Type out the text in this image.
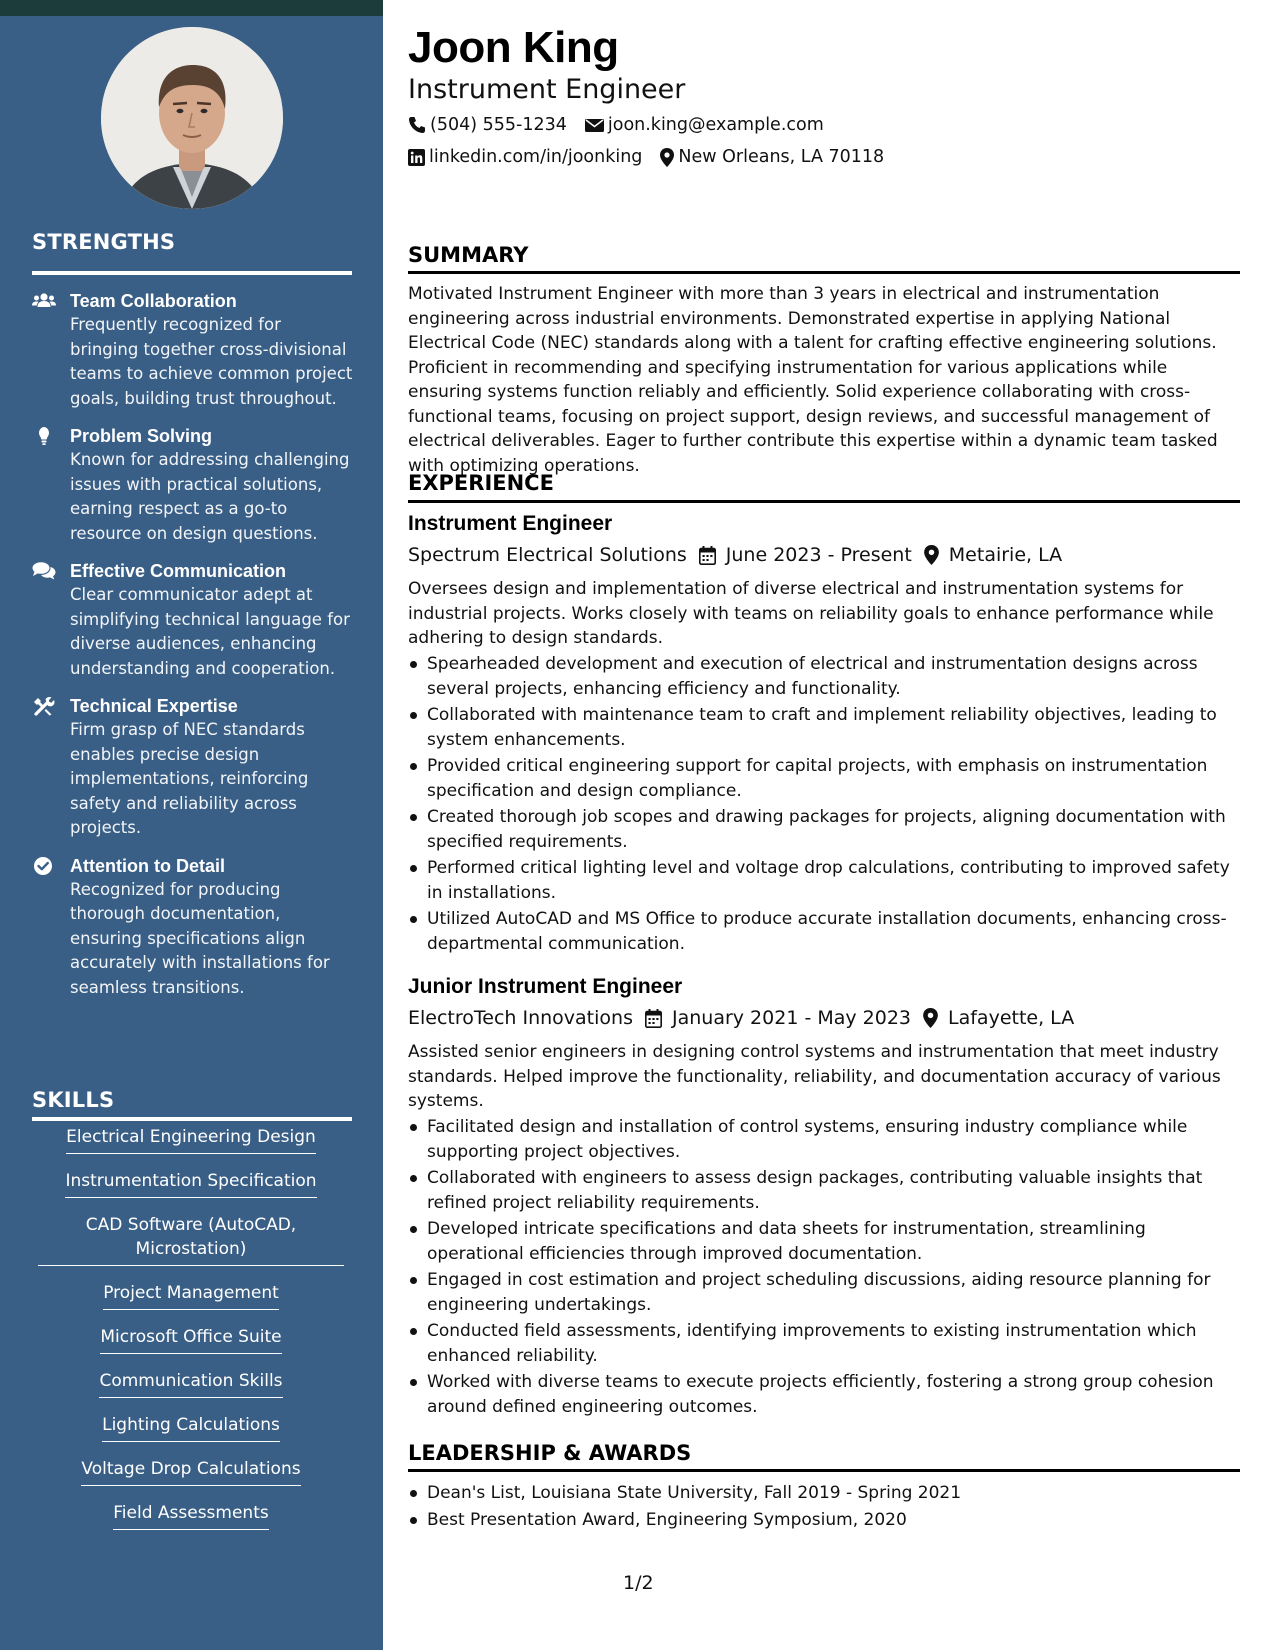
STRENGTHS
Team Collaboration
Frequently recognized for bringing together cross-divisional teams to achieve common project goals, building trust throughout.
Problem Solving
Known for addressing challenging issues with practical solutions, earning respect as a go-to resource on design questions.
Effective Communication
Clear communicator adept at simplifying technical language for diverse audiences, enhancing understanding and cooperation.
Technical Expertise
Firm grasp of NEC standards enables precise design implementations, reinforcing safety and reliability across projects.
Attention to Detail
Recognized for producing thorough documentation, ensuring specifications align accurately with installations for seamless transitions.
SKILLS
Electrical Engineering Design
Instrumentation Specification
CAD Software (AutoCAD, Microstation)
Project Management
Microsoft Office Suite
Communication Skills
Lighting Calculations
Voltage Drop Calculations
Field Assessments
Joon King
Instrument Engineer
(504) 555-1234 joon.king@example.com
linkedin.com/in/joonking New Orleans, LA 70118
SUMMARY
Motivated Instrument Engineer with more than 3 years in electrical and instrumentation engineering across industrial environments. Demonstrated expertise in applying National Electrical Code (NEC) standards along with a talent for crafting effective engineering solutions. Proficient in recommending and specifying instrumentation for various applications while ensuring systems function reliably and efficiently. Solid experience collaborating with cross-functional teams, focusing on project support, design reviews, and successful management of electrical deliverables. Eager to further contribute this expertise within a dynamic team tasked with optimizing operations.
EXPERIENCE
Instrument Engineer
Spectrum Electrical Solutions June 2023 - Present Metairie, LA
Oversees design and implementation of diverse electrical and instrumentation systems for industrial projects. Works closely with teams on reliability goals to enhance performance while adhering to design standards.
Spearheaded development and execution of electrical and instrumentation designs across several projects, enhancing efficiency and functionality.
Collaborated with maintenance team to craft and implement reliability objectives, leading to system enhancements.
Provided critical engineering support for capital projects, with emphasis on instrumentation specification and design compliance.
Created thorough job scopes and drawing packages for projects, aligning documentation with specified requirements.
Performed critical lighting level and voltage drop calculations, contributing to improved safety in installations.
Utilized AutoCAD and MS Office to produce accurate installation documents, enhancing cross-departmental communication.
Junior Instrument Engineer
ElectroTech Innovations January 2021 - May 2023 Lafayette, LA
Assisted senior engineers in designing control systems and instrumentation that meet industry standards. Helped improve the functionality, reliability, and documentation accuracy of various systems.
Facilitated design and installation of control systems, ensuring industry compliance while supporting project objectives.
Collaborated with engineers to assess design packages, contributing valuable insights that refined project reliability requirements.
Developed intricate specifications and data sheets for instrumentation, streamlining operational efficiencies through improved documentation.
Engaged in cost estimation and project scheduling discussions, aiding resource planning for engineering undertakings.
Conducted field assessments, identifying improvements to existing instrumentation which enhanced reliability.
Worked with diverse teams to execute projects efficiently, fostering a strong group cohesion around defined engineering outcomes.
LEADERSHIP & AWARDS
Dean's List, Louisiana State University, Fall 2019 - Spring 2021
Best Presentation Award, Engineering Symposium, 2020
1/2
